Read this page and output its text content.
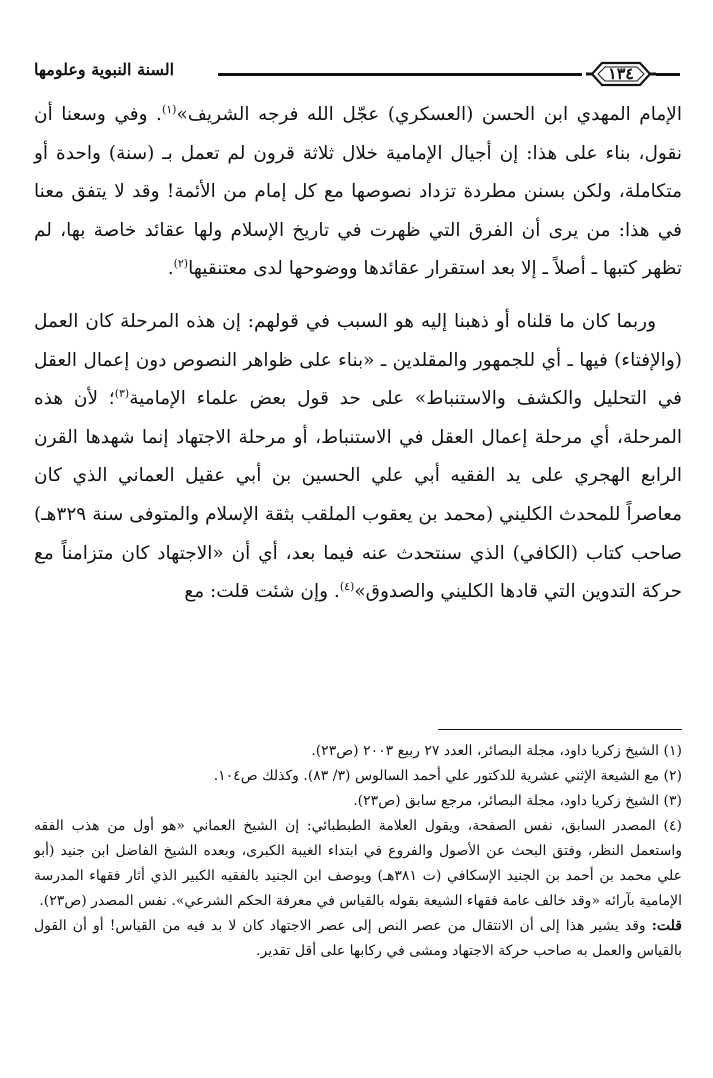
السنة النبوية وعلومها	١٣٤

الإمام المهدي ابن الحسن (العسكري) عجّل الله فرجه الشريف»$^{(١)}$. وفي وسعنا أن نقول، بناء على هذا: إن أجيال الإمامية خلال ثلاثة قرون لم تعمل بـ (سنة) واحدة أو متكاملة، ولكن بسنن مطردة تزداد نصوصها مع كل إمام من الأئمة! وقد لا يتفق معنا في هذا: من يرى أن الفرق التي ظهرت في تاريخ الإسلام ولها عقائد خاصة بها، لم تظهر كتبها ـ أصلاً ـ إلا بعد استقرار عقائدها ووضوحها لدى معتنقيها$^{(٢)}$.

وربما كان ما قلناه أو ذهبنا إليه هو السبب في قولهم: إن هذه المرحلة كان العمل (والإفتاء) فيها ـ أي للجمهور والمقلدين ـ «بناء على ظواهر النصوص دون إعمال العقل في التحليل والكشف والاستنباط» على حد قول بعض علماء الإمامية$^{(٣)}$؛ لأن هذه المرحلة، أي مرحلة إعمال العقل في الاستنباط، أو مرحلة الاجتهاد إنما شهدها القرن الرابع الهجري على يد الفقيه أبي علي الحسين بن أبي عقيل العماني الذي كان معاصراً للمحدث الكليني (محمد بن يعقوب الملقب بثقة الإسلام والمتوفى سنة ٣٢٩هـ) صاحب كتاب (الكافي) الذي سنتحدث عنه فيما بعد، أي أن «الاجتهاد كان متزامناً مع حركة التدوين التي قادها الكليني والصدوق»$^{(٤)}$. وإن شئت قلت: مع

(١) الشيخ زكريا داود، مجلة البصائر، العدد ٢٧ ربيع ٢٠٠٣ (ص٢٣).

(٢) مع الشيعة الإثني عشرية للدكتور علي أحمد السالوس (٣/ ٨٣). وكذلك ص١٠٤.

(٣) الشيخ زكريا داود، مجلة البصائر، مرجع سابق (ص٢٣).

(٤) المصدر السابق، نفس الصفحة، ويقول العلامة الطبطبائي: إن الشيخ العماني «هو أول من هذب الفقه واستعمل النظر، وفتق البحث عن الأصول والفروع في ابتداء الغيبة الكبرى، وبعده الشيخ الفاضل ابن جنيد (أبو علي محمد بن أحمد بن الجنيد الإسكافي (ت ٣٨١هـ) ويوصف ابن الجنيد بالفقيه الكبير الذي أثار فقهاء المدرسة الإمامية بآرائه «وقد خالف عامة فقهاء الشيعة بقوله بالقياس في معرفة الحكم الشرعي». نفس المصدر (ص٢٣).

قلت: وقد يشير هذا إلى أن الانتقال من عصر النص إلى عصر الاجتهاد كان لا بد فيه من القياس! أو أن القول بالقياس والعمل به صاحب حركة الاجتهاد ومشى في ركابها على أقل تقدير.
